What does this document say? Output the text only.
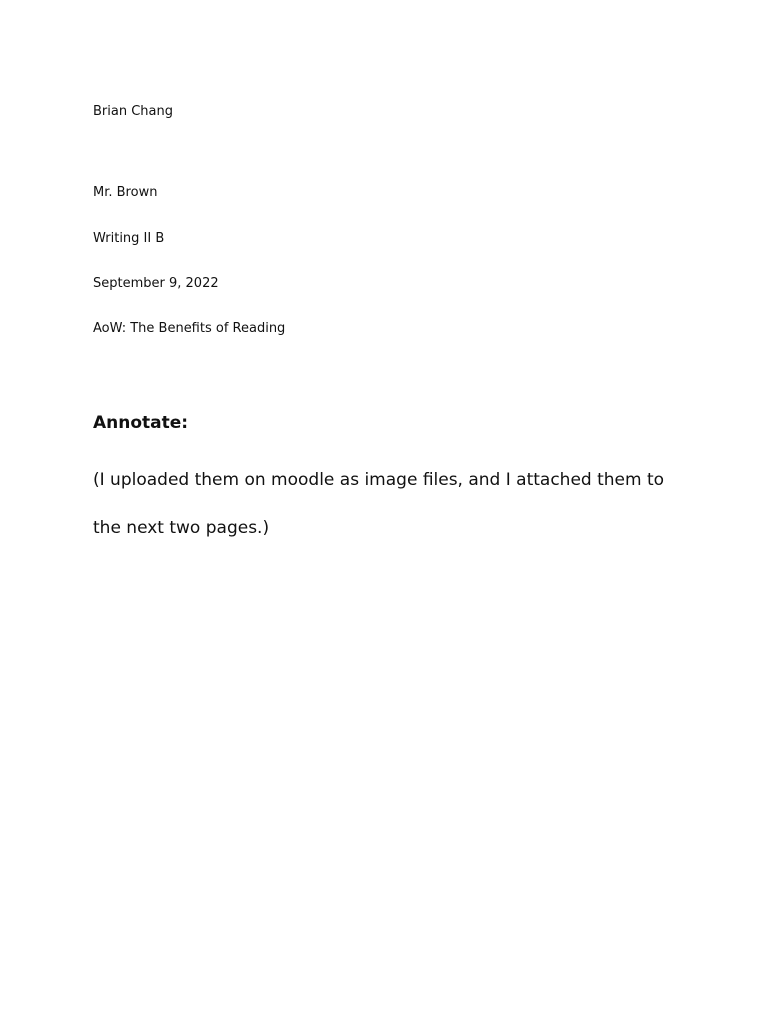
Brian Chang
Mr. Brown
Writing II B
September 9, 2022
AoW: The Benefits of Reading
Annotate:
(I uploaded them on moodle as image files, and I attached them to
the next two pages.)
